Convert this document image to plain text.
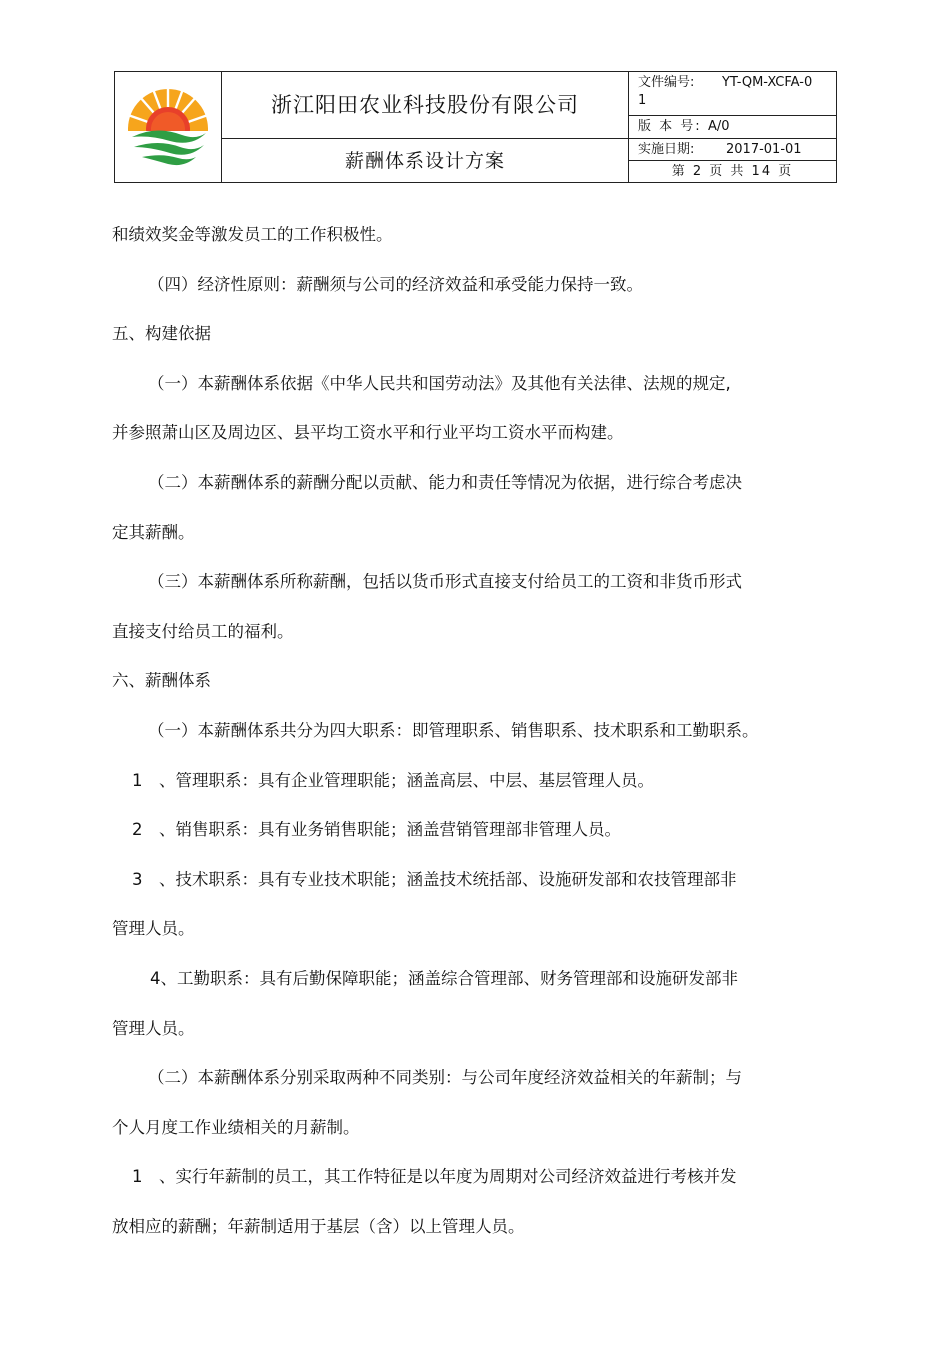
浙江阳田农业科技股份有限公司
薪酬体系设计方案
文件编号: YT-QM-XCFA-0
1
版 本 号: A/0
实施日期: 2017-01-01
第 2 页 共 14 页

和绩效奖金等激发员工的工作积极性。

（四）经济性原则：薪酬须与公司的经济效益和承受能力保持一致。

五、构建依据

（一）本薪酬体系依据《中华人民共和国劳动法》及其他有关法律、法规的规定,

并参照萧山区及周边区、县平均工资水平和行业平均工资水平而构建。

（二）本薪酬体系的薪酬分配以贡献、能力和责任等情况为依据，进行综合考虑决

定其薪酬。

（三）本薪酬体系所称薪酬，包括以货币形式直接支付给员工的工资和非货币形式

直接支付给员工的福利。

六、薪酬体系

（一）本薪酬体系共分为四大职系：即管理职系、销售职系、技术职系和工勤职系。

1　、管理职系：具有企业管理职能；涵盖高层、中层、基层管理人员。

2　、销售职系：具有业务销售职能；涵盖营销管理部非管理人员。

3　、技术职系：具有专业技术职能；涵盖技术统括部、设施研发部和农技管理部非

管理人员。

4、工勤职系：具有后勤保障职能；涵盖综合管理部、财务管理部和设施研发部非

管理人员。

（二）本薪酬体系分别采取两种不同类别：与公司年度经济效益相关的年薪制；与

个人月度工作业绩相关的月薪制。

1　、实行年薪制的员工，其工作特征是以年度为周期对公司经济效益进行考核并发

放相应的薪酬；年薪制适用于基层（含）以上管理人员。
